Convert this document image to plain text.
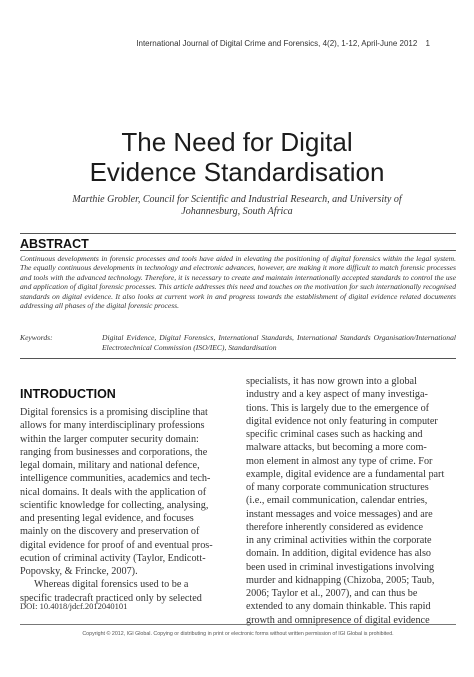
International Journal of Digital Crime and Forensics, 4(2), 1-12, April-June 2012 1
The Need for Digital
Evidence Standardisation
Marthie Grobler, Council for Scientific and Industrial Research, and University of
Johannesburg, South Africa
ABSTRACT
Continuous developments in forensic processes and tools have aided in elevating the positioning of digital forensics within the legal system. The equally continuous developments in technology and electronic advances, however, are making it more difficult to match forensic processes and tools with the advanced technology. Therefore, it is necessary to create and maintain internationally accepted standards to control the use and application of digital forensic processes. This article addresses this need and touches on the motivation for such internationally recognised standards on digital evidence. It also looks at current work in and progress towards the establishment of digital evidence related documents addressing all phases of the digital forensic process.
Keywords:	Digital Evidence, Digital Forensics, International Standards, International Standards Organisation/International Electrotechnical Commission (ISO/IEC), Standardisation
INTRODUCTION

Digital forensics is a promising discipline that
allows for many interdisciplinary professions
within the larger computer security domain:
ranging from businesses and corporations, the
legal domain, military and national defence,
intelligence communities, academics and tech-
nical domains. It deals with the application of
scientific knowledge for collecting, analysing,
and presenting legal evidence, and focuses
mainly on the discovery and preservation of
digital evidence for proof of and eventual pros-
ecution of criminal activity (Taylor, Endicott-
Popovsky, & Frincke, 2007).

Whereas digital forensics used to be a
specific tradecraft practiced only by selected

specialists, it has now grown into a global
industry and a key aspect of many investiga-
tions. This is largely due to the emergence of
digital evidence not only featuring in computer
specific criminal cases such as hacking and
malware attacks, but becoming a more com-
mon element in almost any type of crime. For
example, digital evidence are a fundamental part
of many corporate communication structures
(i.e., email communication, calendar entries,
instant messages and voice messages) and are
therefore inherently considered as evidence
in any criminal activities within the corporate
domain. In addition, digital evidence has also
been used in criminal investigations involving
murder and kidnapping (Chizoba, 2005; Taub,
2006; Taylor et al., 2007), and can thus be
extended to any domain thinkable. This rapid
growth and omnipresence of digital evidence

DOI: 10.4018/jdcf.2012040101
Copyright © 2012, IGI Global. Copying or distributing in print or electronic forms without written permission of IGI Global is prohibited.
